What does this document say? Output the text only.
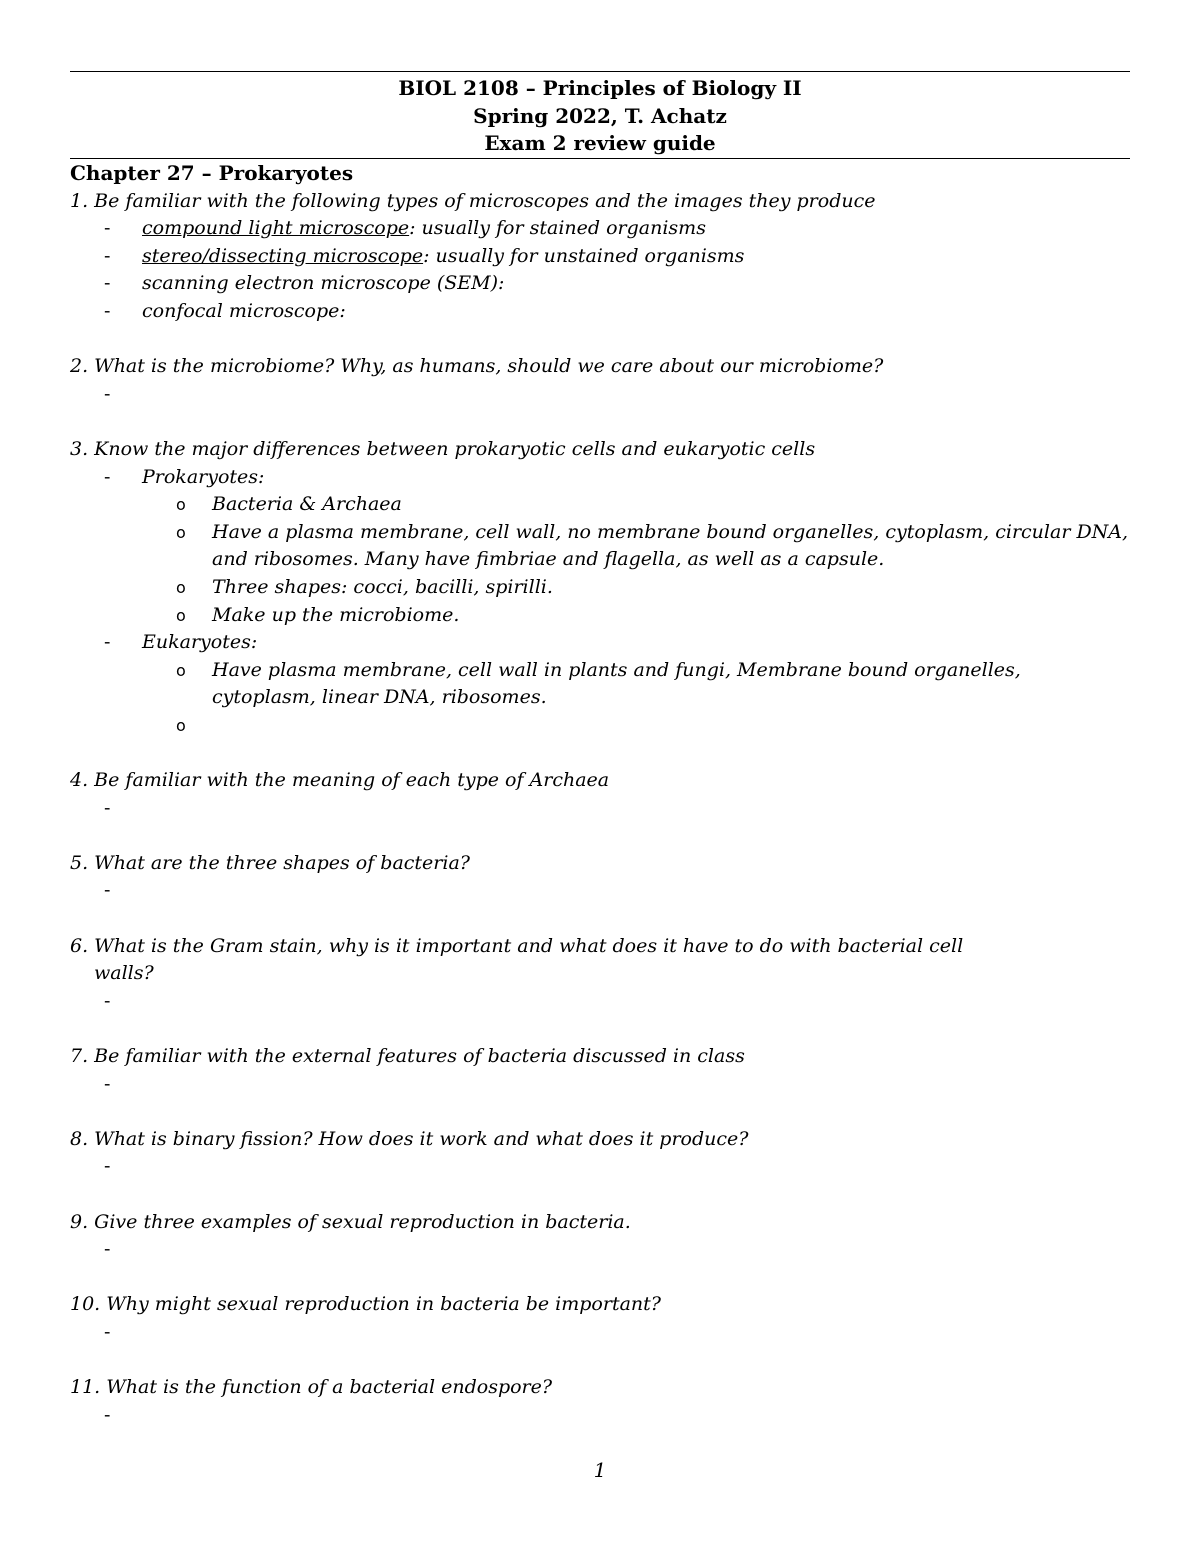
BIOL 2108 – Principles of Biology II
Spring 2022, T. Achatz
Exam 2 review guide
Chapter 27 – Prokaryotes
1. Be familiar with the following types of microscopes and the images they produce
- compound light microscope: usually for stained organisms
- stereo/dissecting microscope: usually for unstained organisms
- scanning electron microscope (SEM):
- confocal microscope:
2. What is the microbiome? Why, as humans, should we care about our microbiome?
-

3. Know the major differences between prokaryotic cells and eukaryotic cells
- Prokaryotes:
o Bacteria & Archaea
o Have a plasma membrane, cell wall, no membrane bound organelles, cytoplasm, circular DNA,
and ribosomes. Many have fimbriae and flagella, as well as a capsule.
o Three shapes: cocci, bacilli, spirilli.
o Make up the microbiome.
- Eukaryotes:
o Have plasma membrane, cell wall in plants and fungi, Membrane bound organelles,
cytoplasm, linear DNA, ribosomes.
o

4. Be familiar with the meaning of each type of Archaea
-

5. What are the three shapes of bacteria?
-

6. What is the Gram stain, why is it important and what does it have to do with bacterial cell
walls?
-

7. Be familiar with the external features of bacteria discussed in class
-

8. What is binary fission? How does it work and what does it produce?
-

9. Give three examples of sexual reproduction in bacteria.
-

10. Why might sexual reproduction in bacteria be important?
-

11. What is the function of a bacterial endospore?
-

1
